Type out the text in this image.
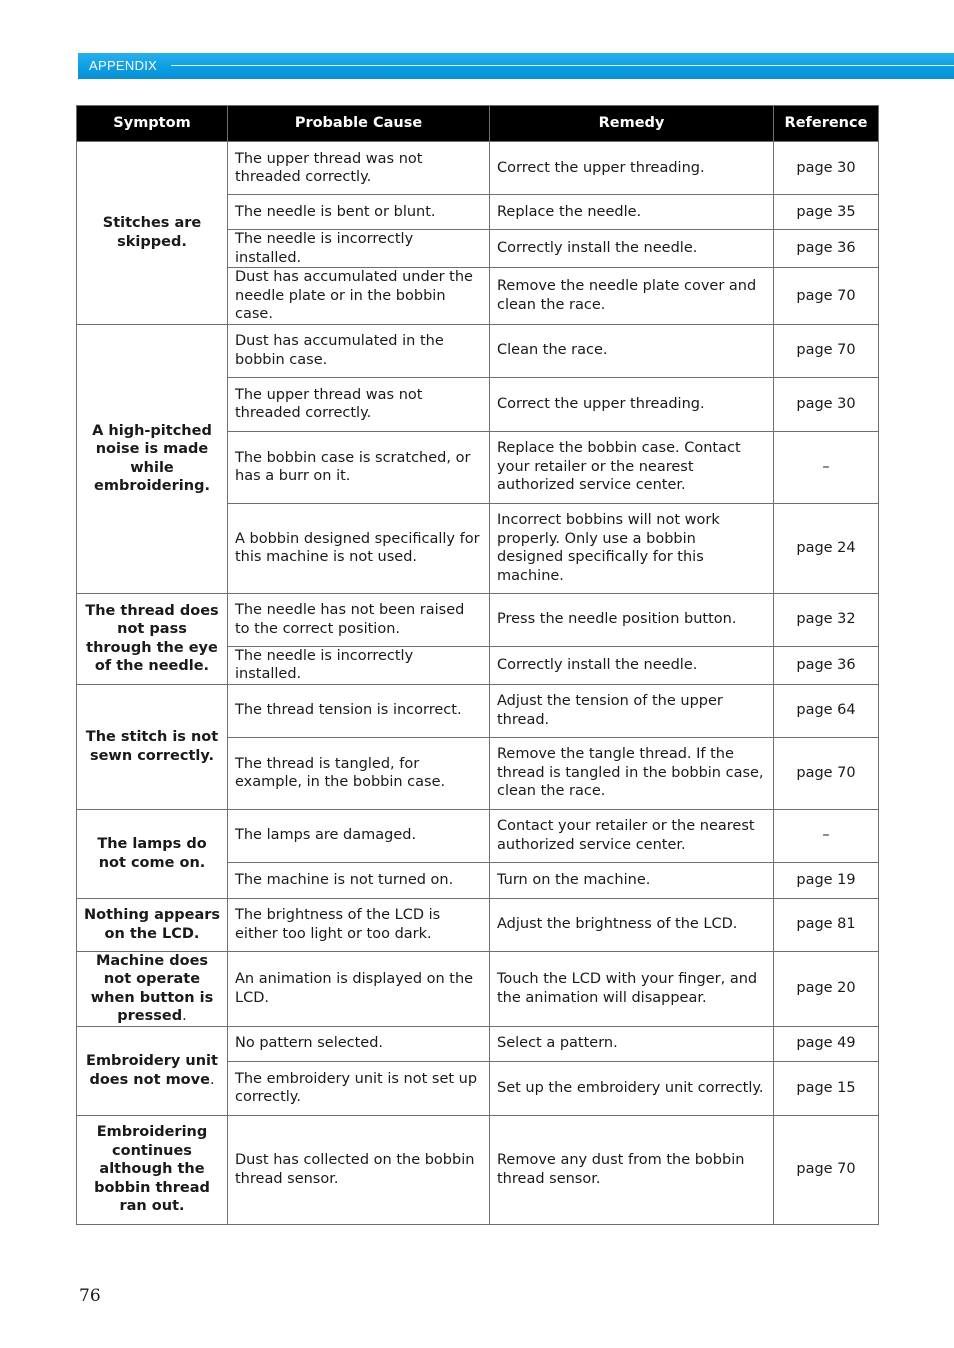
APPENDIX
Symptom	Probable Cause	Remedy	Reference
Stitches are skipped.	The upper thread was not threaded correctly.	Correct the upper threading.	page 30
	The needle is bent or blunt.	Replace the needle.	page 35
	The needle is incorrectly installed.	Correctly install the needle.	page 36
	Dust has accumulated under the needle plate or in the bobbin case.	Remove the needle plate cover and clean the race.	page 70
A high-pitched noise is made while embroidering.	Dust has accumulated in the bobbin case.	Clean the race.	page 70
	The upper thread was not threaded correctly.	Correct the upper threading.	page 30
	The bobbin case is scratched, or has a burr on it.	Replace the bobbin case. Contact your retailer or the nearest authorized service center.	–
	A bobbin designed specifically for this machine is not used.	Incorrect bobbins will not work properly. Only use a bobbin designed specifically for this machine.	page 24
The thread does not pass through the eye of the needle.	The needle has not been raised to the correct position.	Press the needle position button.	page 32
	The needle is incorrectly installed.	Correctly install the needle.	page 36
The stitch is not sewn correctly.	The thread tension is incorrect.	Adjust the tension of the upper thread.	page 64
	The thread is tangled, for example, in the bobbin case.	Remove the tangle thread. If the thread is tangled in the bobbin case, clean the race.	page 70
The lamps do not come on.	The lamps are damaged.	Contact your retailer or the nearest authorized service center.	–
	The machine is not turned on.	Turn on the machine.	page 19
Nothing appears on the LCD.	The brightness of the LCD is either too light or too dark.	Adjust the brightness of the LCD.	page 81
Machine does not operate when button is pressed.	An animation is displayed on the LCD.	Touch the LCD with your finger, and the animation will disappear.	page 20
Embroidery unit does not move.	No pattern selected.	Select a pattern.	page 49
	The embroidery unit is not set up correctly.	Set up the embroidery unit correctly.	page 15
Embroidering continues although the bobbin thread ran out.	Dust has collected on the bobbin thread sensor.	Remove any dust from the bobbin thread sensor.	page 70
76
